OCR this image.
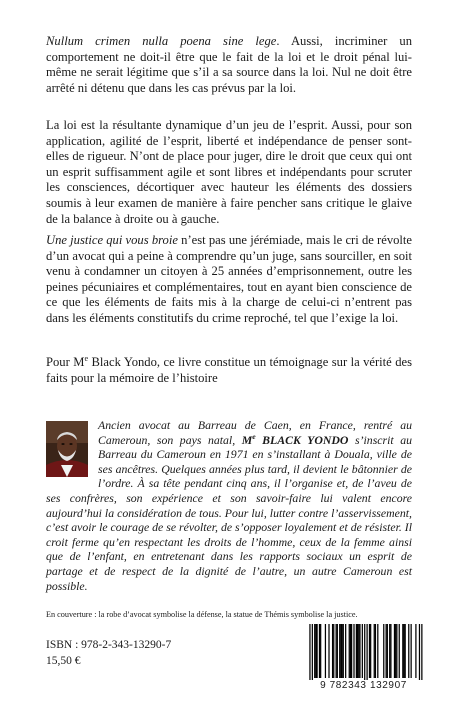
Nullum crimen nulla poena sine lege. Aussi, incriminer un comportement ne doit-il être que le fait de la loi et le droit pénal lui-même ne serait légitime que s’il a sa source dans la loi. Nul ne doit être arrêté ni détenu que dans les cas prévus par la loi.

La loi est la résultante dynamique d’un jeu de l’esprit. Aussi, pour son application, agilité de l’esprit, liberté et indépendance de penser sont-elles de rigueur. N’ont de place pour juger, dire le droit que ceux qui ont un esprit suffisamment agile et sont libres et indépendants pour scruter les consciences, décortiquer avec hauteur les éléments des dossiers soumis à leur examen de manière à faire pencher sans critique le glaive de la balance à droite ou à gauche.

Une justice qui vous broie n’est pas une jérémiade, mais le cri de révolte d’un avocat qui a peine à comprendre qu’un juge, sans sourciller, en soit venu à condamner un citoyen à 25 années d’emprisonnement, outre les peines pécuniaires et complémentaires, tout en ayant bien conscience de ce que les éléments de faits mis à la charge de celui-ci n’entrent pas dans les éléments constitutifs du crime reproché, tel que l’exige la loi.

Pour Me Black Yondo, ce livre constitue un témoignage sur la vérité des faits pour la mémoire de l’histoire

Ancien avocat au Barreau de Caen, en France, rentré au Cameroun, son pays natal, Me BLACK YONDO s’inscrit au Barreau du Cameroun en 1971 en s’installant à Douala, ville de ses ancêtres. Quelques années plus tard, il devient le bâtonnier de l’ordre. À sa tête pendant cinq ans, il l’organise et, de l’aveu de ses confrères, son expérience et son savoir-faire lui valent encore aujourd’hui la considération de tous. Pour lui, lutter contre l’asservissement, c’est avoir le courage de se révolter, de s’opposer loyalement et de résister. Il croit ferme qu’en respectant les droits de l’homme, ceux de la femme ainsi que de l’enfant, en entretenant dans les rapports sociaux un esprit de partage et de respect de la dignité de l’autre, un autre Cameroun est possible.

En couverture : la robe d’avocat symbolise la défense, la statue de Thémis symbolise la justice.
ISBN : 978-2-343-13290-7
15,50 €
9 782343 132907
